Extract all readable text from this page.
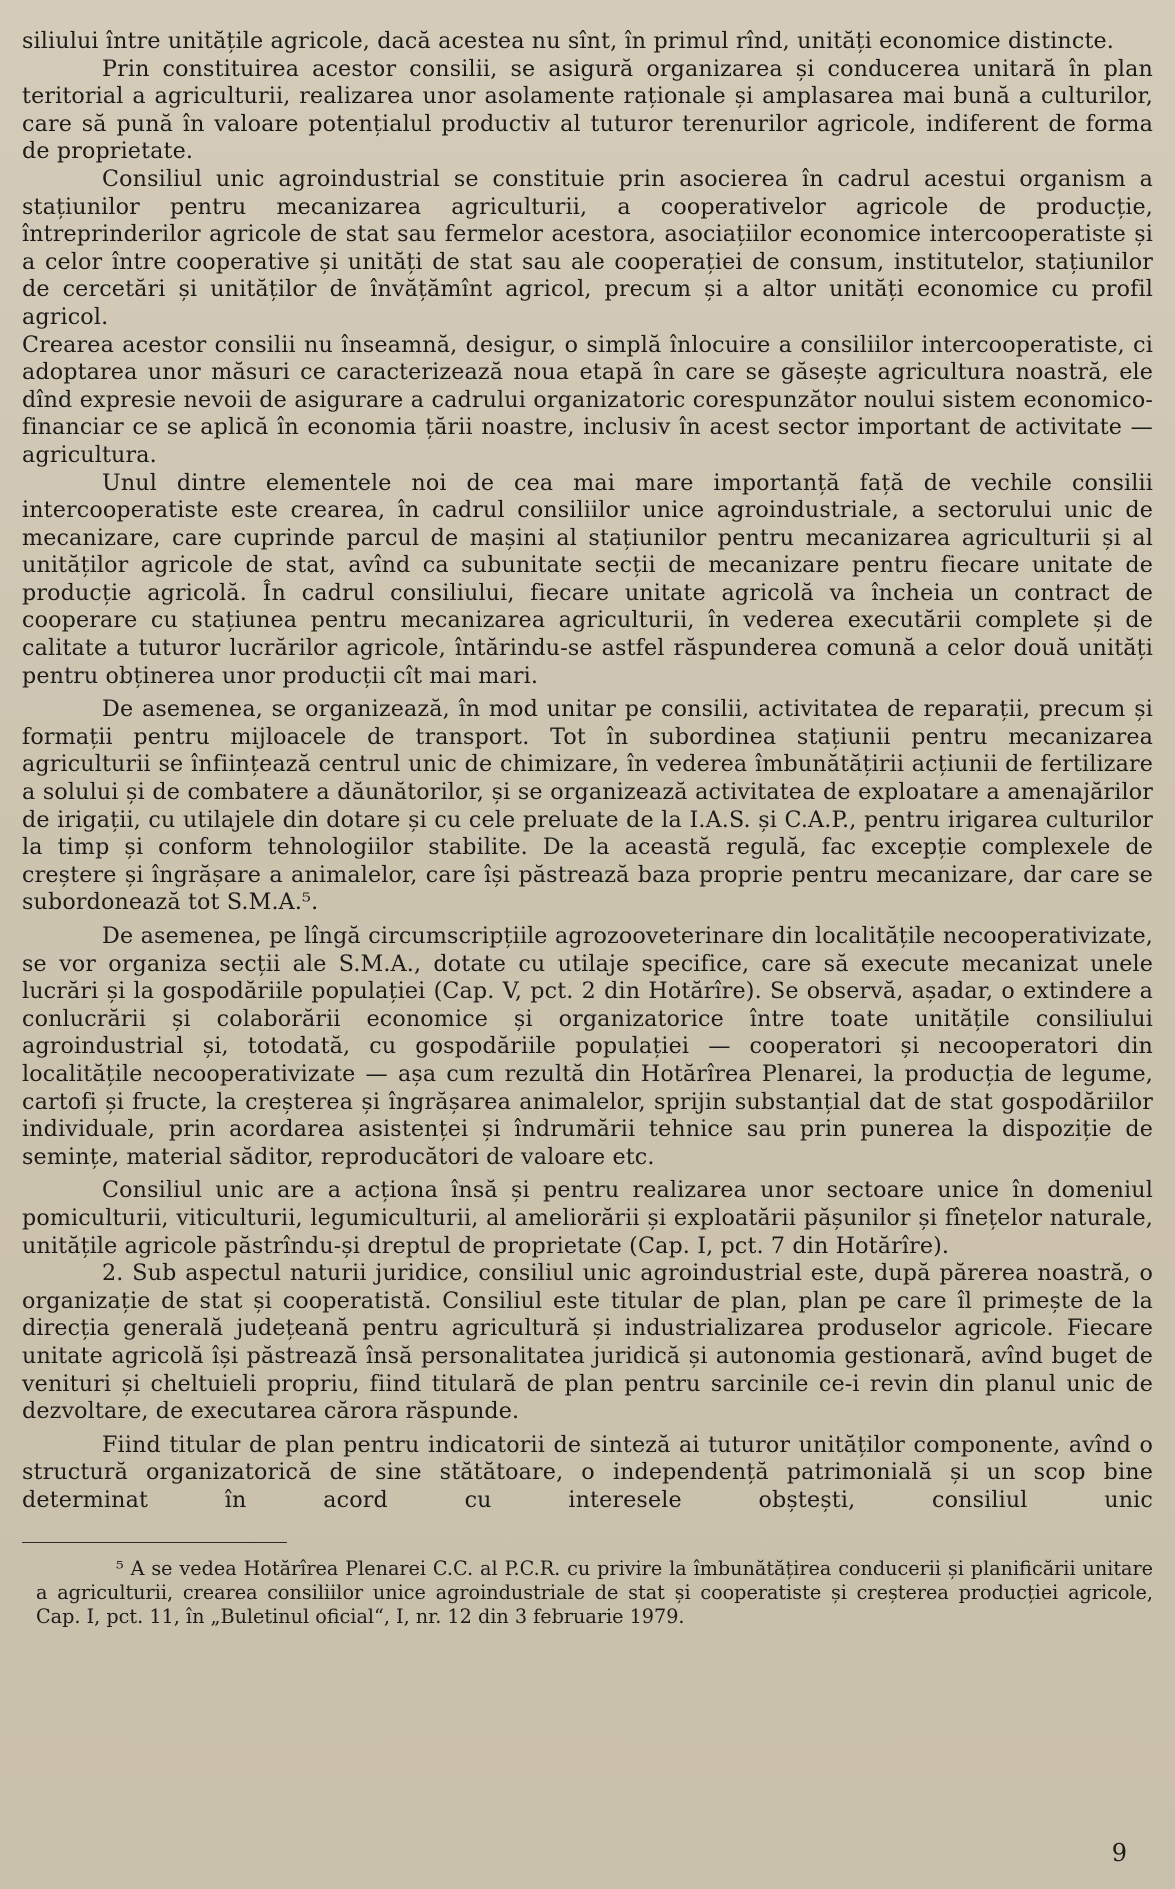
siliului între unitățile agricole, dacă acestea nu sînt, în primul rînd, unități economice distincte.

Prin constituirea acestor consilii, se asigură organizarea și conducerea unitară în plan teritorial a agriculturii, realizarea unor asolamente raționale și amplasarea mai bună a culturilor, care să pună în valoare potențialul productiv al tuturor terenurilor agricole, indiferent de forma de proprietate.

Consiliul unic agroindustrial se constituie prin asocierea în cadrul acestui organism a stațiunilor pentru mecanizarea agriculturii, a cooperativelor agricole de producție, întreprinderilor agricole de stat sau fermelor acestora, asociațiilor economice intercooperatiste și a celor între cooperative și unități de stat sau ale cooperației de consum, institutelor, stațiunilor de cercetări și unităților de învățămînt agricol, precum și a altor unități economice cu profil agricol.

Crearea acestor consilii nu înseamnă, desigur, o simplă înlocuire a consiliilor intercooperatiste, ci adoptarea unor măsuri ce caracterizează noua etapă în care se găsește agricultura noastră, ele dînd expresie nevoii de asigurare a cadrului organizatoric corespunzător noului sistem economico-financiar ce se aplică în economia țării noastre, inclusiv în acest sector important de activitate — agricultura.

Unul dintre elementele noi de cea mai mare importanță față de vechile consilii intercooperatiste este crearea, în cadrul consiliilor unice agroindustriale, a sectorului unic de mecanizare, care cuprinde parcul de mașini al stațiunilor pentru mecanizarea agriculturii și al unităților agricole de stat, avînd ca subunitate secții de mecanizare pentru fiecare unitate de producție agricolă. În cadrul consiliului, fiecare unitate agricolă va încheia un contract de cooperare cu stațiunea pentru mecanizarea agriculturii, în vederea executării complete și de calitate a tuturor lucrărilor agricole, întărindu-se astfel răspunderea comună a celor două unități pentru obținerea unor producții cît mai mari.

De asemenea, se organizează, în mod unitar pe consilii, activitatea de reparații, precum și formații pentru mijloacele de transport. Tot în subordinea stațiunii pentru mecanizarea agriculturii se înființează centrul unic de chimizare, în vederea îmbunătățirii acțiunii de fertilizare a solului și de combatere a dăunătorilor, și se organizează activitatea de exploatare a amenajărilor de irigații, cu utilajele din dotare și cu cele preluate de la I.A.S. și C.A.P., pentru irigarea culturilor la timp și conform tehnologiilor stabilite. De la această regulă, fac excepție complexele de creștere și îngrășare a animalelor, care își păstrează baza proprie pentru mecanizare, dar care se subordonează tot S.M.A.⁵.

De asemenea, pe lîngă circumscripțiile agrozooveterinare din localitățile necooperativizate, se vor organiza secții ale S.M.A., dotate cu utilaje specifice, care să execute mecanizat unele lucrări și la gospodăriile populației (Cap. V, pct. 2 din Hotărîre). Se observă, așadar, o extindere a conlucrării și colaborării economice și organizatorice între toate unitățile consiliului agroindustrial și, totodată, cu gospodăriile populației — cooperatori și necooperatori din localitățile necooperativizate — așa cum rezultă din Hotărîrea Plenarei, la producția de legume, cartofi și fructe, la creșterea și îngrășarea animalelor, sprijin substanțial dat de stat gospodăriilor individuale, prin acordarea asistenței și îndrumării tehnice sau prin punerea la dispoziție de semințe, material săditor, reproducători de valoare etc.

Consiliul unic are a acționa însă și pentru realizarea unor sectoare unice în domeniul pomiculturii, viticulturii, legumiculturii, al ameliorării și exploatării pășunilor și fînețelor naturale, unitățile agricole păstrîndu-și dreptul de proprietate (Cap. I, pct. 7 din Hotărîre).

2. Sub aspectul naturii juridice, consiliul unic agroindustrial este, după părerea noastră, o organizație de stat și cooperatistă. Consiliul este titular de plan, plan pe care îl primește de la direcția generală județeană pentru agricultură și industrializarea produselor agricole. Fiecare unitate agricolă își păstrează însă personalitatea juridică și autonomia gestionară, avînd buget de venituri și cheltuieli propriu, fiind titulară de plan pentru sarcinile ce-i revin din planul unic de dezvoltare, de executarea cărora răspunde.

Fiind titular de plan pentru indicatorii de sinteză ai tuturor unităților componente, avînd o structură organizatorică de sine stătătoare, o independență patrimonială și un scop bine determinat în acord cu interesele obștești, consiliul unic

⁵ A se vedea Hotărîrea Plenarei C.C. al P.C.R. cu privire la îmbunătățirea conducerii și planificării unitare a agriculturii, crearea consiliilor unice agroindustriale de stat și cooperatiste și creșterea producției agricole, Cap. I, pct. 11, în „Buletinul oficial“, I, nr. 12 din 3 februarie 1979.

9
